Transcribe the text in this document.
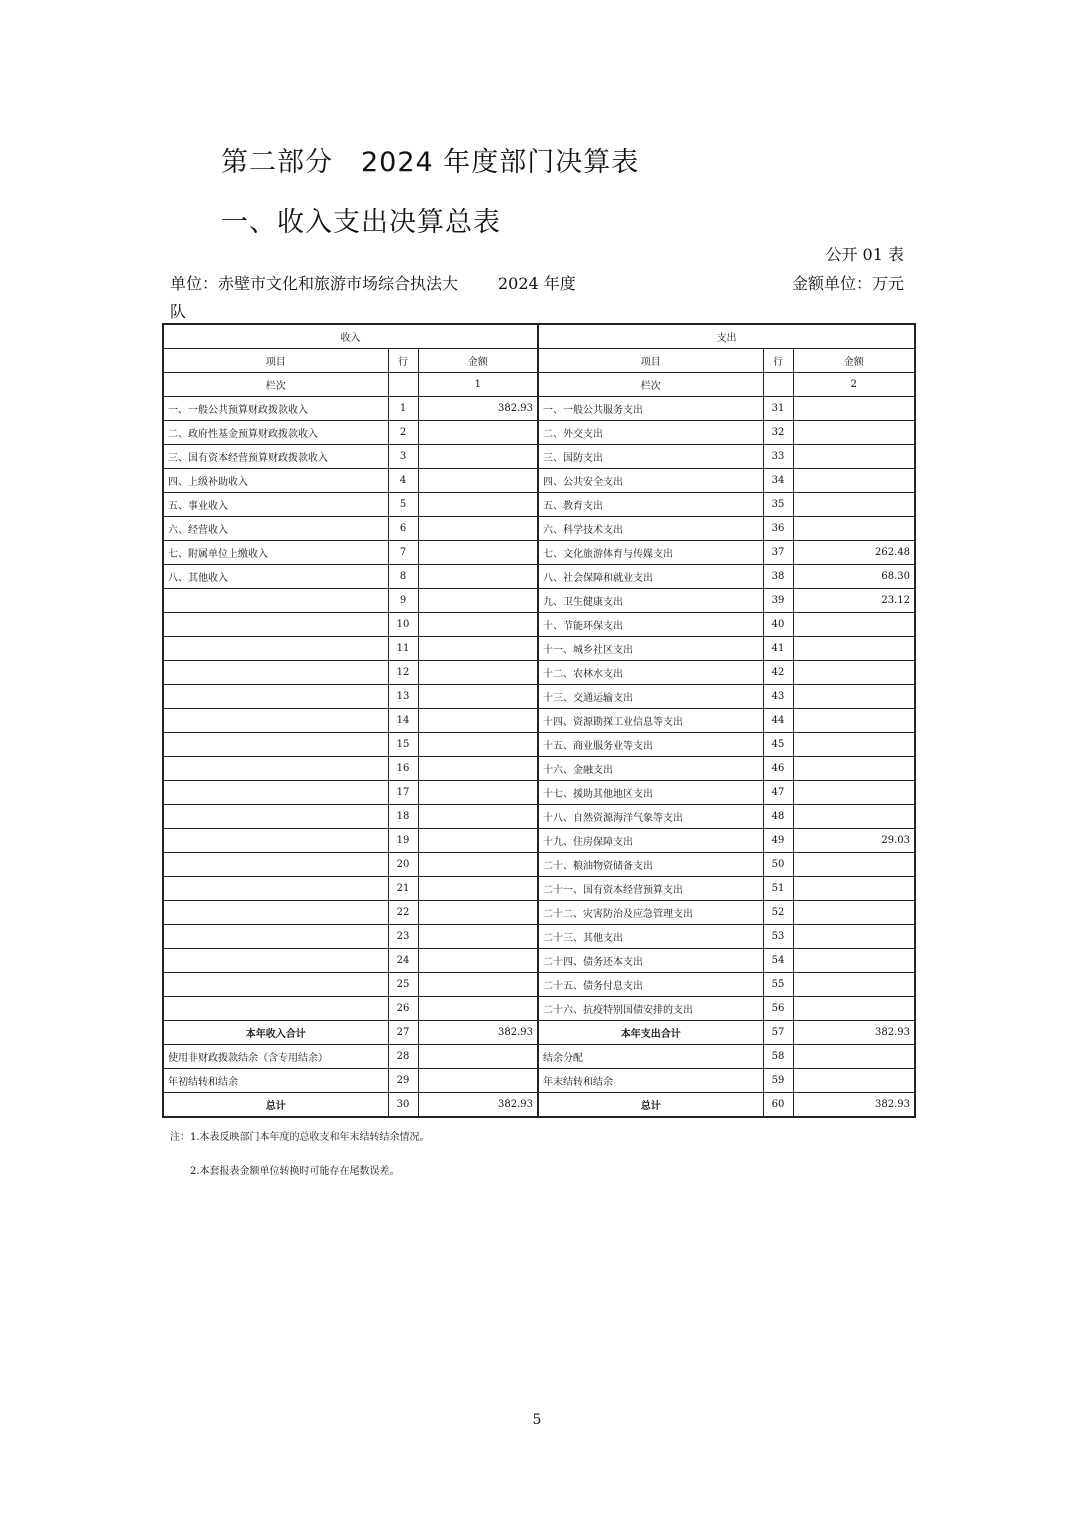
第二部分　2024 年度部门决算表
一、收入支出决算总表
公开 01 表
单位：赤壁市文化和旅游市场综合执法大队
2024 年度	金额单位：万元
收入			支出		
项目	行	金额	项目	行	金额
栏次		1	栏次		2
一、一般公共预算财政拨款收入	1	382.93	一、一般公共服务支出	31	
二、政府性基金预算财政拨款收入	2		二、外交支出	32	
三、国有资本经营预算财政拨款收入	3		三、国防支出	33	
四、上级补助收入	4		四、公共安全支出	34	
五、事业收入	5		五、教育支出	35	
六、经营收入	6		六、科学技术支出	36	
七、附属单位上缴收入	7		七、文化旅游体育与传媒支出	37	262.48
八、其他收入	8		八、社会保障和就业支出	38	68.30
	9		九、卫生健康支出	39	23.12
	10		十、节能环保支出	40	
	11		十一、城乡社区支出	41	
	12		十二、农林水支出	42	
	13		十三、交通运输支出	43	
	14		十四、资源勘探工业信息等支出	44	
	15		十五、商业服务业等支出	45	
	16		十六、金融支出	46	
	17		十七、援助其他地区支出	47	
	18		十八、自然资源海洋气象等支出	48	
	19		十九、住房保障支出	49	29.03
	20		二十、粮油物资储备支出	50	
	21		二十一、国有资本经营预算支出	51	
	22		二十二、灾害防治及应急管理支出	52	
	23		二十三、其他支出	53	
	24		二十四、债务还本支出	54	
	25		二十五、债务付息支出	55	
	26		二十六、抗疫特别国债安排的支出	56	
本年收入合计	27	382.93	本年支出合计	57	382.93
使用非财政拨款结余（含专用结余）	28		结余分配	58	
年初结转和结余	29		年末结转和结余	59	
总计	30	382.93	总计	60	382.93
注：1.本表反映部门本年度的总收支和年末结转结余情况。
2.本套报表金额单位转换时可能存在尾数误差。
5
